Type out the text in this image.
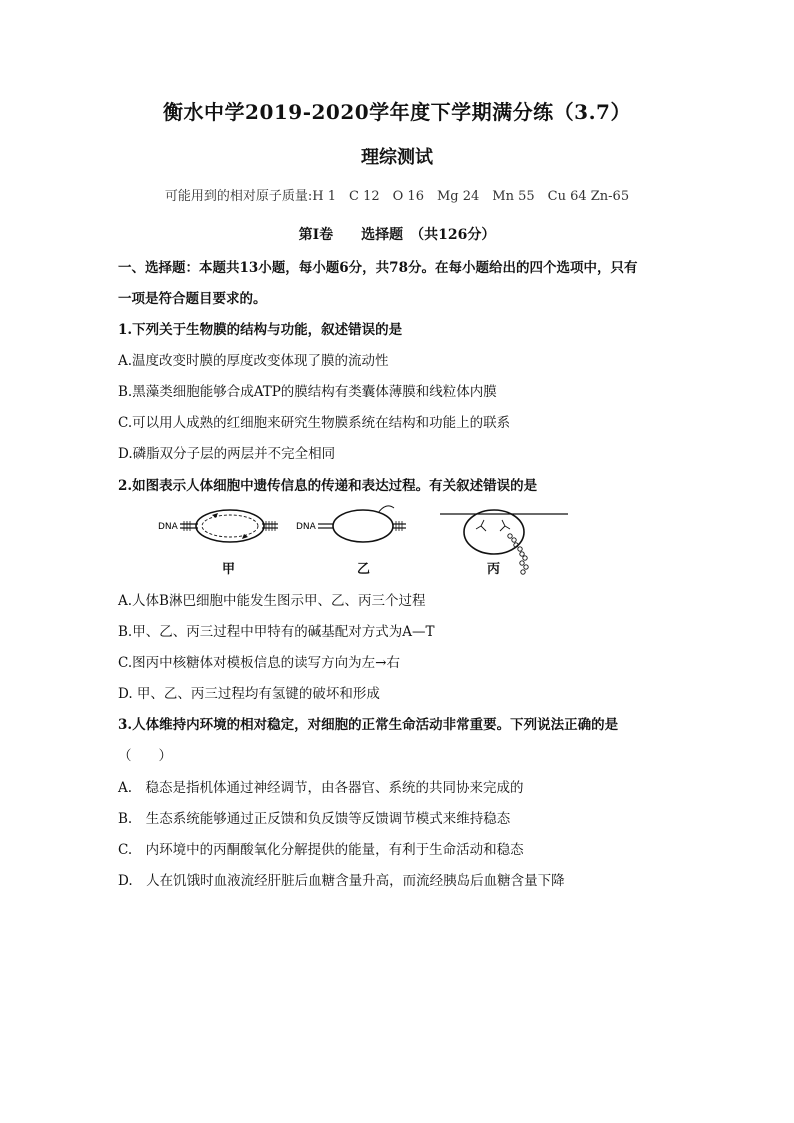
衡水中学2019-2020学年度下学期满分练（3.7）
理综测试
可能用到的相对原子质量:H 1　C 12　O 16　Mg 24　Mn 55　Cu 64 Zn-65
第Ⅰ卷　　选择题　（共126分）
一、选择题：本题共13小题，每小题6分，共78分。在每小题给出的四个选项中，只有
一项是符合题目要求的。
1.下列关于生物膜的结构与功能，叙述错误的是
A.温度改变时膜的厚度改变体现了膜的流动性
B.黑藻类细胞能够合成ATP的膜结构有类囊体薄膜和线粒体内膜
C.可以用人成熟的红细胞来研究生物膜系统在结构和功能上的联系
D.磷脂双分子层的两层并不完全相同
2.如图表示人体细胞中遗传信息的传递和表达过程。有关叙述错误的是
DNA	DNA
甲	乙	丙
A.人体B淋巴细胞中能发生图示甲、乙、丙三个过程
B.甲、乙、丙三过程中甲特有的碱基配对方式为A—T
C.图丙中核糖体对模板信息的读写方向为左→右
D. 甲、乙、丙三过程均有氢键的破坏和形成
3.人体维持内环境的相对稳定，对细胞的正常生命活动非常重要。下列说法正确的是
（　　）
A.　稳态是指机体通过神经调节，由各器官、系统的共同协来完成的
B.　生态系统能够通过正反馈和负反馈等反馈调节模式来维持稳态
C.　内环境中的丙酮酸氧化分解提供的能量，有利于生命活动和稳态
D.　人在饥饿时血液流经肝脏后血糖含量升高，而流经胰岛后血糖含量下降
